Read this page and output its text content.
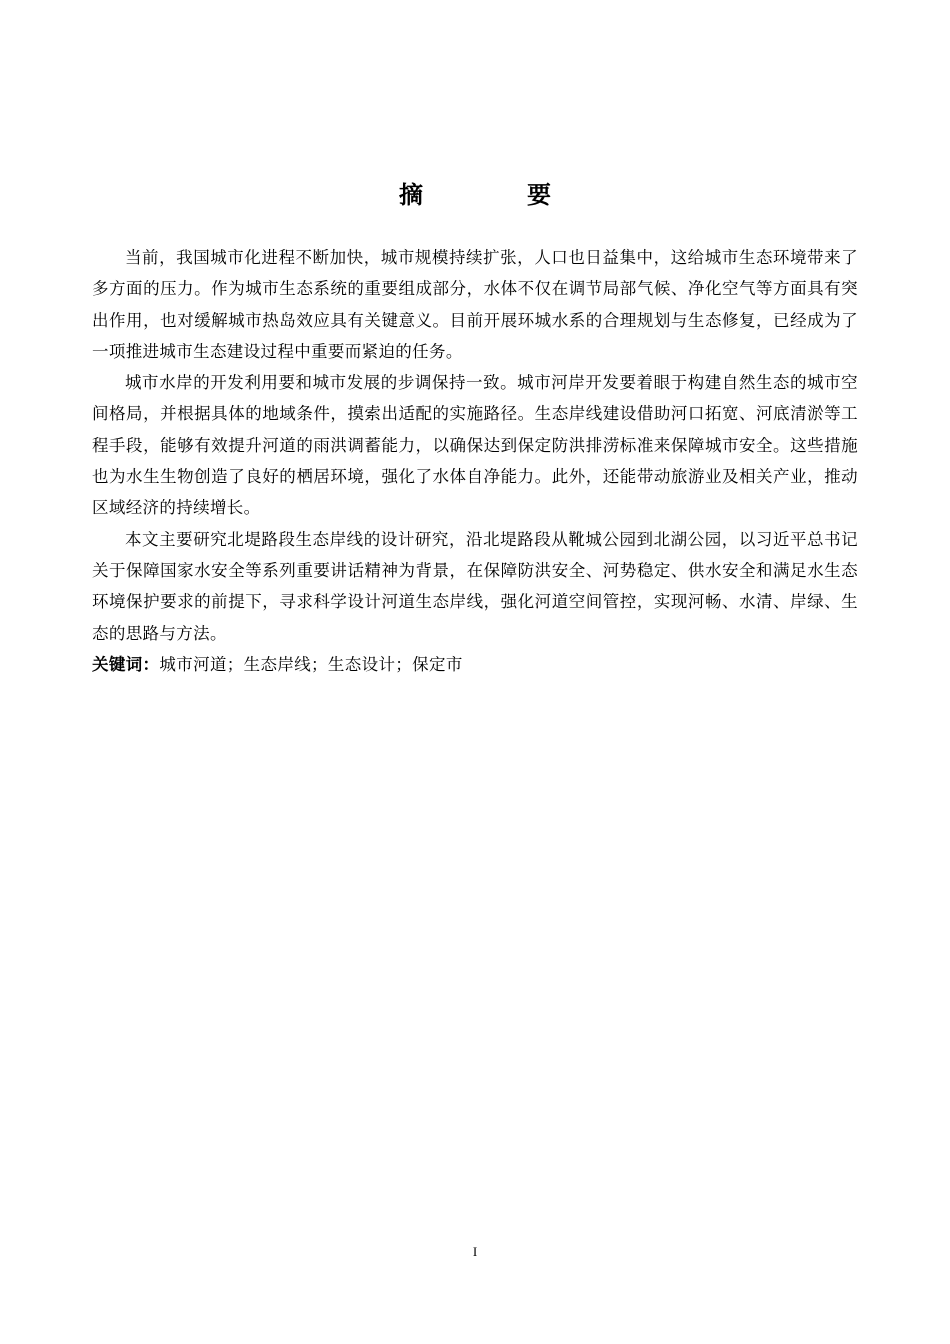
摘　要

当前，我国城市化进程不断加快，城市规模持续扩张，人口也日益集中，这给城市生态环境带来了多方面的压力。作为城市生态系统的重要组成部分，水体不仅在调节局部气候、净化空气等方面具有突出作用，也对缓解城市热岛效应具有关键意义。目前开展环城水系的合理规划与生态修复，已经成为了一项推进城市生态建设过程中重要而紧迫的任务。

城市水岸的开发利用要和城市发展的步调保持一致。城市河岸开发要着眼于构建自然生态的城市空间格局，并根据具体的地域条件，摸索出适配的实施路径。生态岸线建设借助河口拓宽、河底清淤等工程手段，能够有效提升河道的雨洪调蓄能力，以确保达到保定防洪排涝标准来保障城市安全。这些措施也为水生生物创造了良好的栖居环境，强化了水体自净能力。此外，还能带动旅游业及相关产业，推动区域经济的持续增长。

本文主要研究北堤路段生态岸线的设计研究，沿北堤路段从靴城公园到北湖公园，以习近平总书记关于保障国家水安全等系列重要讲话精神为背景，在保障防洪安全、河势稳定、供水安全和满足水生态环境保护要求的前提下，寻求科学设计河道生态岸线，强化河道空间管控，实现河畅、水清、岸绿、生态的思路与方法。

关键词：城市河道；生态岸线；生态设计；保定市

I
